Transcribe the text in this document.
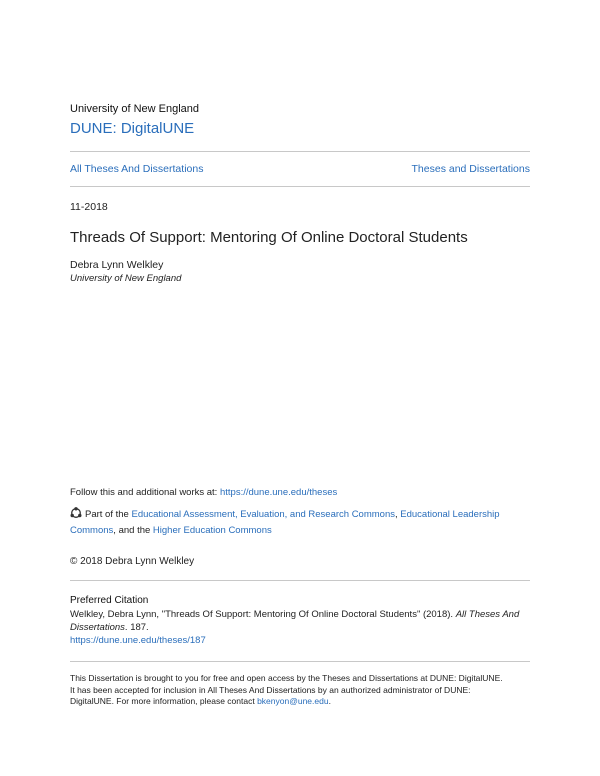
University of New England
DUNE: DigitalUNE
All Theses And Dissertations	Theses and Dissertations
11-2018
Threads Of Support: Mentoring Of Online Doctoral Students
Debra Lynn Welkley
University of New England
Follow this and additional works at: https://dune.une.edu/theses
Part of the Educational Assessment, Evaluation, and Research Commons, Educational Leadership Commons, and the Higher Education Commons
© 2018 Debra Lynn Welkley
Preferred Citation
Welkley, Debra Lynn, "Threads Of Support: Mentoring Of Online Doctoral Students" (2018). All Theses And Dissertations. 187.
https://dune.une.edu/theses/187
This Dissertation is brought to you for free and open access by the Theses and Dissertations at DUNE: DigitalUNE.
It has been accepted for inclusion in All Theses And Dissertations by an authorized administrator of DUNE:
DigitalUNE. For more information, please contact bkenyon@une.edu.
